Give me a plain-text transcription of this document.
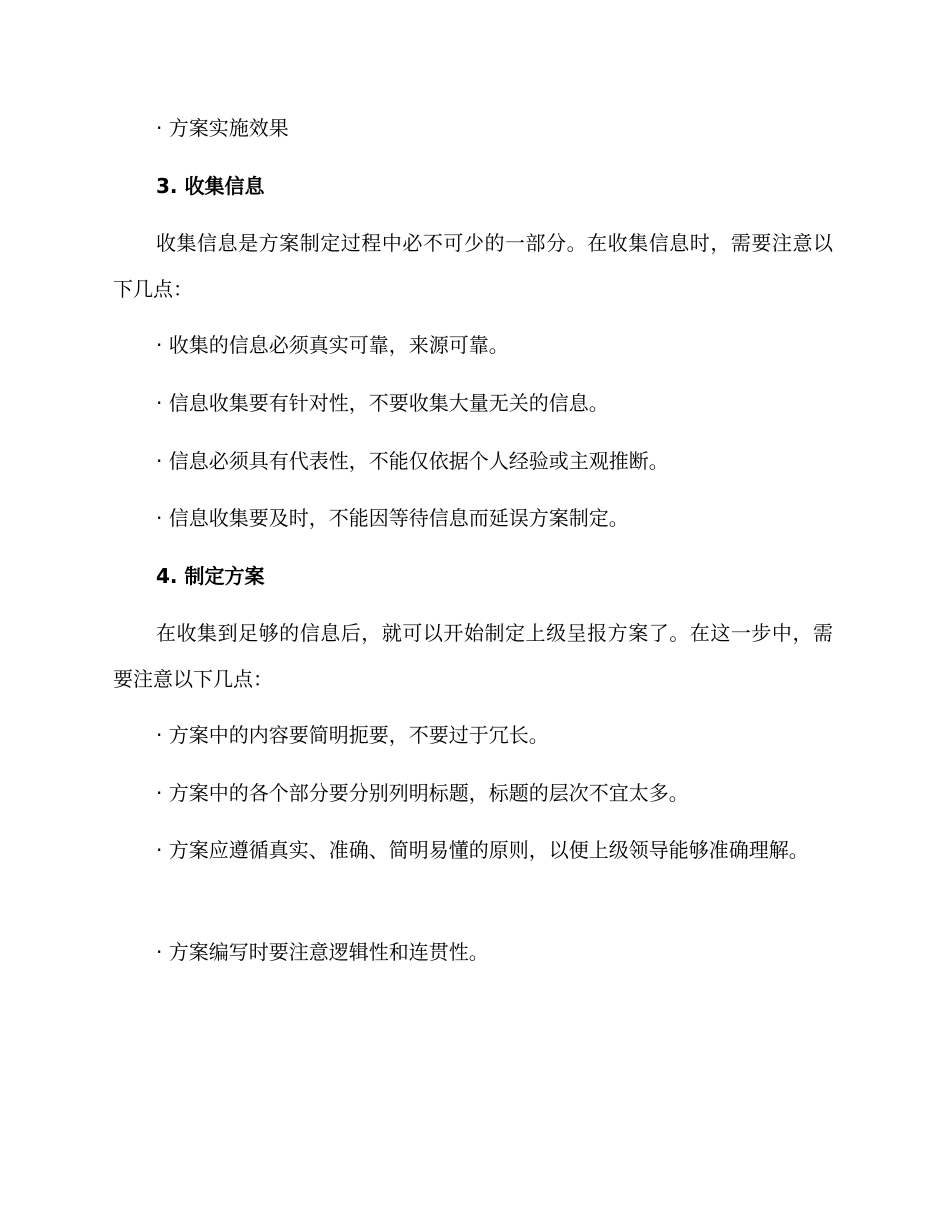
· 方案实施效果

3. 收集信息

收集信息是方案制定过程中必不可少的一部分。在收集信息时，需要注意以下几点：

· 收集的信息必须真实可靠，来源可靠。

· 信息收集要有针对性，不要收集大量无关的信息。

· 信息必须具有代表性，不能仅依据个人经验或主观推断。

· 信息收集要及时，不能因等待信息而延误方案制定。

4. 制定方案

在收集到足够的信息后，就可以开始制定上级呈报方案了。在这一步中，需要注意以下几点：

· 方案中的内容要简明扼要，不要过于冗长。

· 方案中的各个部分要分别列明标题，标题的层次不宜太多。

· 方案应遵循真实、准确、简明易懂的原则，以便上级领导能够准确理解。

· 方案编写时要注意逻辑性和连贯性。
